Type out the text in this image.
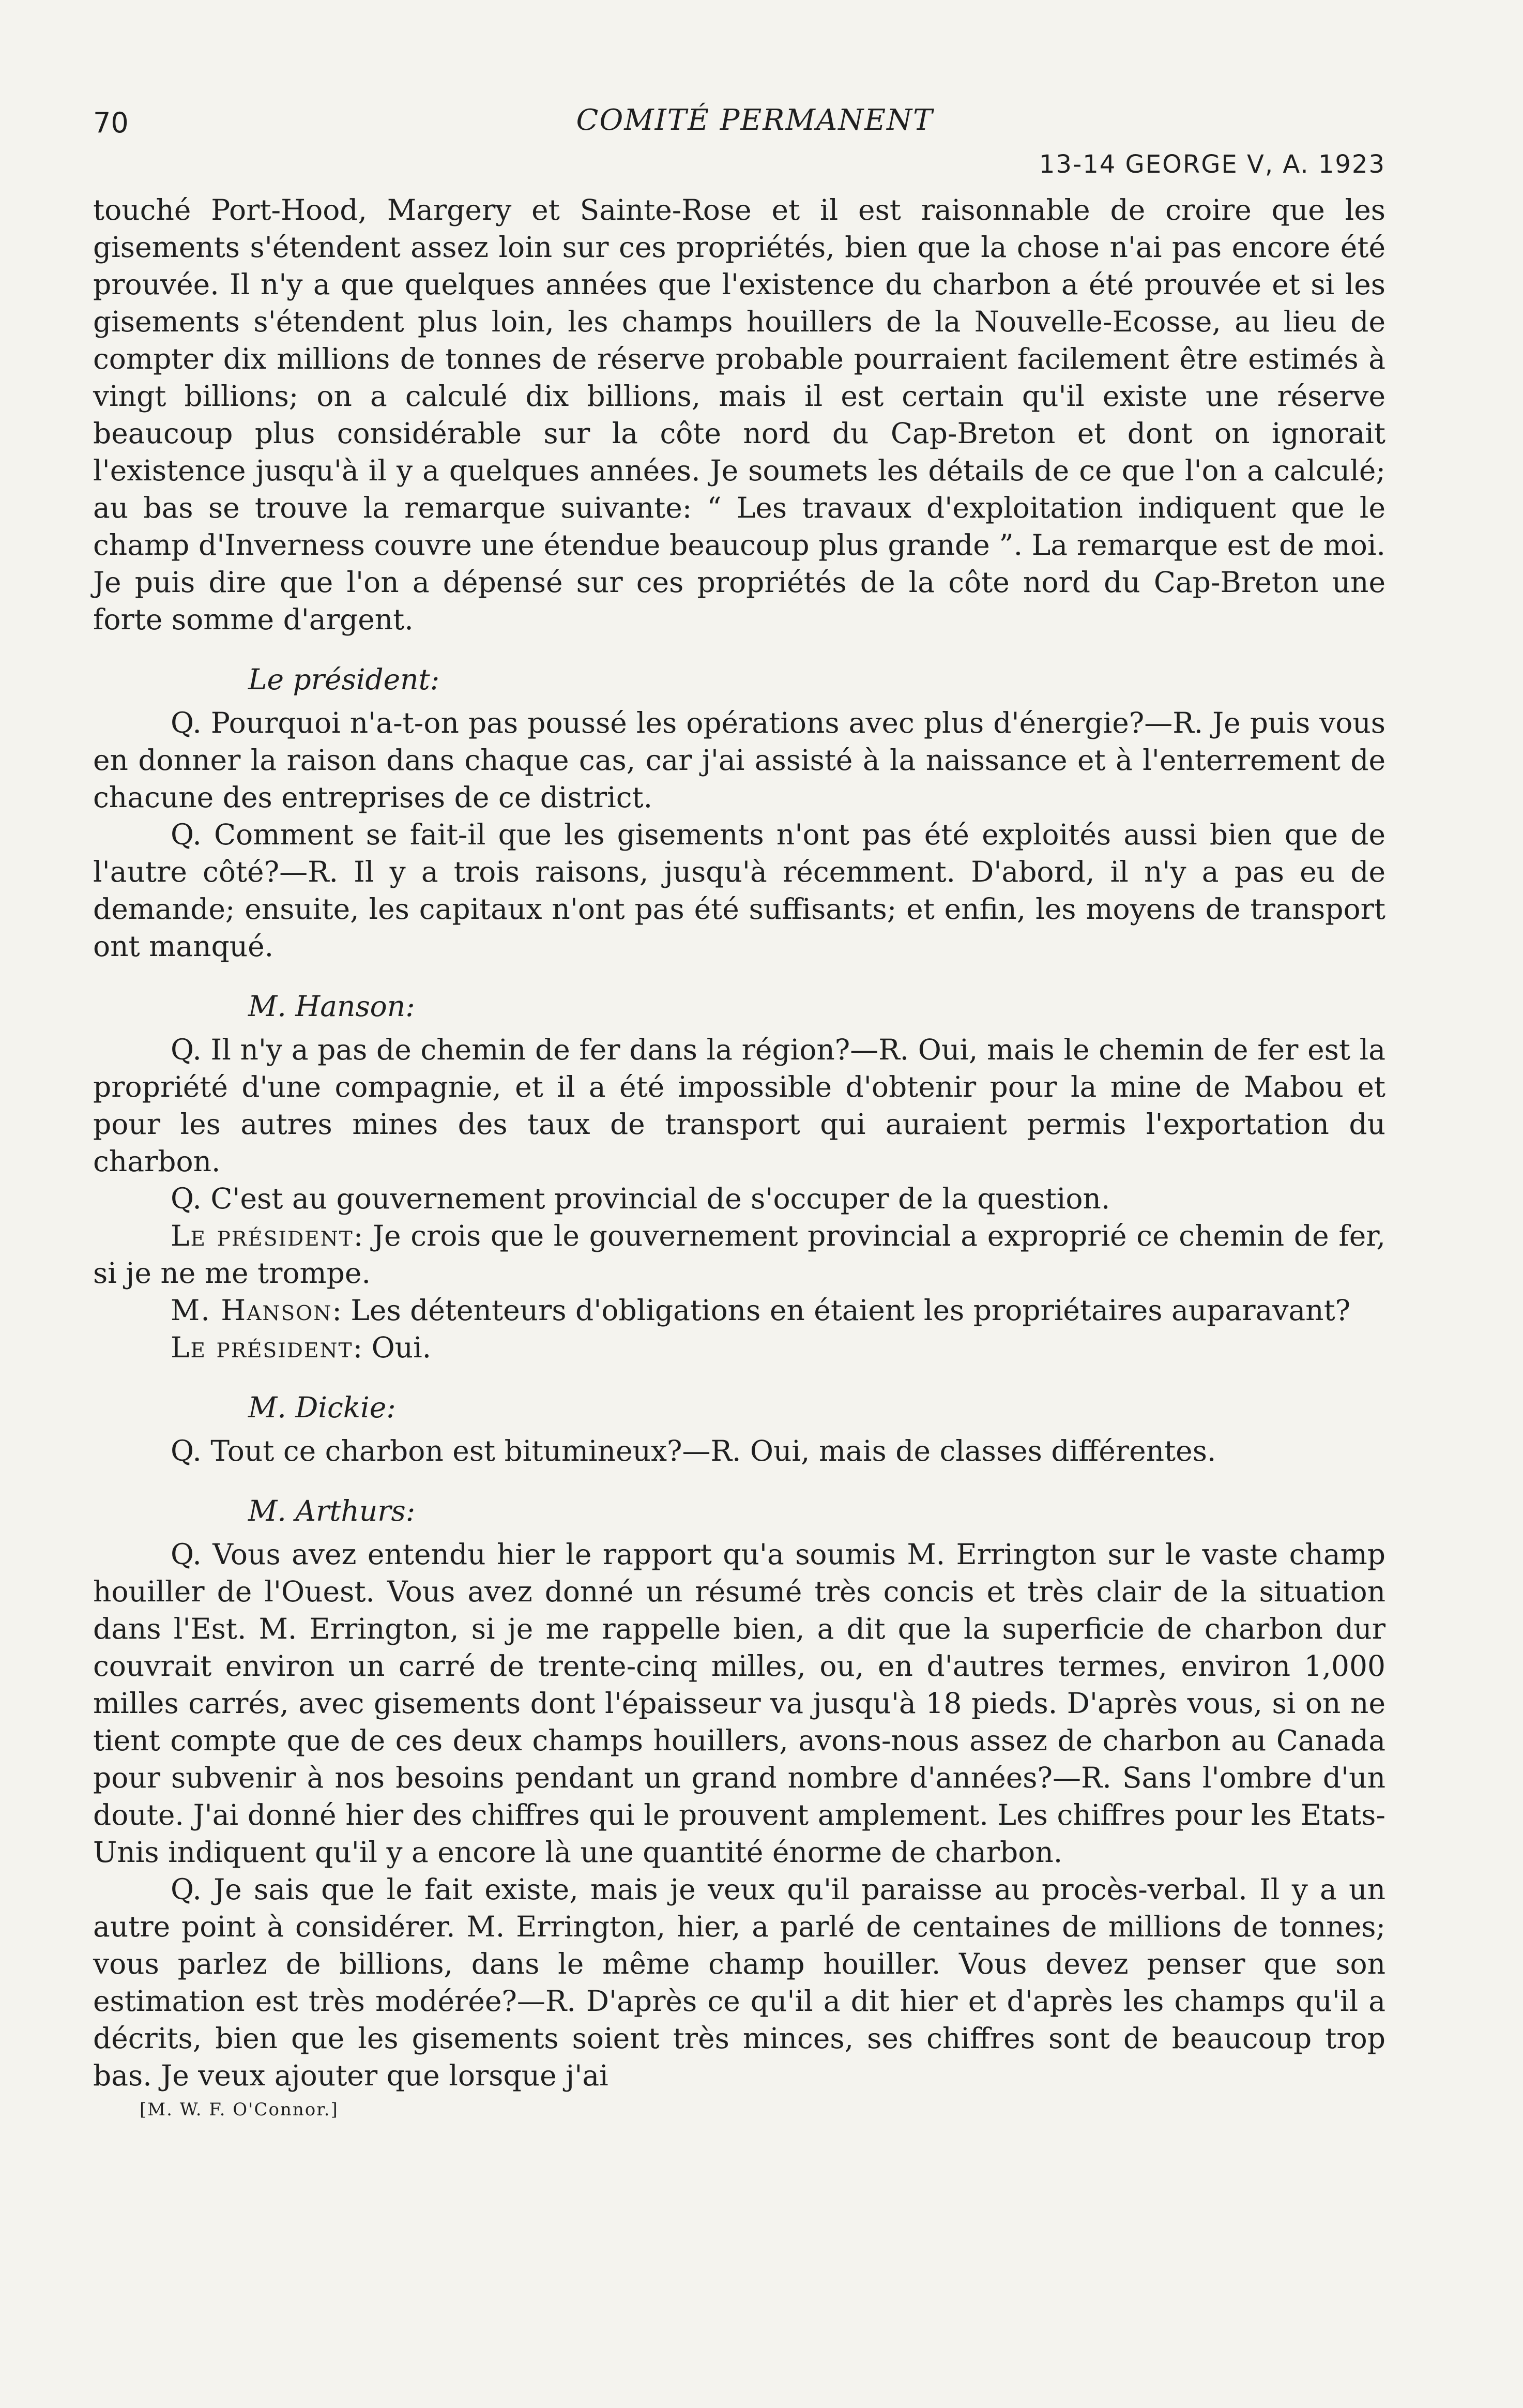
70	COMITÉ PERMANENT
13-14 GEORGE V, A. 1923

touché Port-Hood, Margery et Sainte-Rose et il est raisonnable de croire que les gisements s'étendent assez loin sur ces propriétés, bien que la chose n'ai pas encore été prouvée. Il n'y a que quelques années que l'existence du charbon a été prouvée et si les gisements s'étendent plus loin, les champs houillers de la Nouvelle-Ecosse, au lieu de compter dix millions de tonnes de réserve probable pourraient facilement être estimés à vingt billions; on a calculé dix billions, mais il est certain qu'il existe une réserve beaucoup plus considérable sur la côte nord du Cap-Breton et dont on ignorait l'existence jusqu'à il y a quelques années. Je soumets les détails de ce que l'on a calculé; au bas se trouve la remarque suivante: “ Les travaux d'exploitation indiquent que le champ d'Inverness couvre une étendue beaucoup plus grande ”. La remarque est de moi. Je puis dire que l'on a dépensé sur ces propriétés de la côte nord du Cap-Breton une forte somme d'argent.

Le président:

Q. Pourquoi n'a-t-on pas poussé les opérations avec plus d'énergie?—R. Je puis vous en donner la raison dans chaque cas, car j'ai assisté à la naissance et à l'enterrement de chacune des entreprises de ce district.

Q. Comment se fait-il que les gisements n'ont pas été exploités aussi bien que de l'autre côté?—R. Il y a trois raisons, jusqu'à récemment. D'abord, il n'y a pas eu de demande; ensuite, les capitaux n'ont pas été suffisants; et enfin, les moyens de transport ont manqué.

M. Hanson:

Q. Il n'y a pas de chemin de fer dans la région?—R. Oui, mais le chemin de fer est la propriété d'une compagnie, et il a été impossible d'obtenir pour la mine de Mabou et pour les autres mines des taux de transport qui auraient permis l'exportation du charbon.

Q. C'est au gouvernement provincial de s'occuper de la question.

Le président: Je crois que le gouvernement provincial a exproprié ce chemin de fer, si je ne me trompe.

M. Hanson: Les détenteurs d'obligations en étaient les propriétaires auparavant?

Le président: Oui.

M. Dickie:

Q. Tout ce charbon est bitumineux?—R. Oui, mais de classes différentes.

M. Arthurs:

Q. Vous avez entendu hier le rapport qu'a soumis M. Errington sur le vaste champ houiller de l'Ouest. Vous avez donné un résumé très concis et très clair de la situation dans l'Est. M. Errington, si je me rappelle bien, a dit que la superficie de charbon dur couvrait environ un carré de trente-cinq milles, ou, en d'autres termes, environ 1,000 milles carrés, avec gisements dont l'épaisseur va jusqu'à 18 pieds. D'après vous, si on ne tient compte que de ces deux champs houillers, avons-nous assez de charbon au Canada pour subvenir à nos besoins pendant un grand nombre d'années?—R. Sans l'ombre d'un doute. J'ai donné hier des chiffres qui le prouvent amplement. Les chiffres pour les Etats-Unis indiquent qu'il y a encore là une quantité énorme de charbon.

Q. Je sais que le fait existe, mais je veux qu'il paraisse au procès-verbal. Il y a un autre point à considérer. M. Errington, hier, a parlé de centaines de millions de tonnes; vous parlez de billions, dans le même champ houiller. Vous devez penser que son estimation est très modérée?—R. D'après ce qu'il a dit hier et d'après les champs qu'il a décrits, bien que les gisements soient très minces, ses chiffres sont de beaucoup trop bas. Je veux ajouter que lorsque j'ai

[M. W. F. O'Connor.]
